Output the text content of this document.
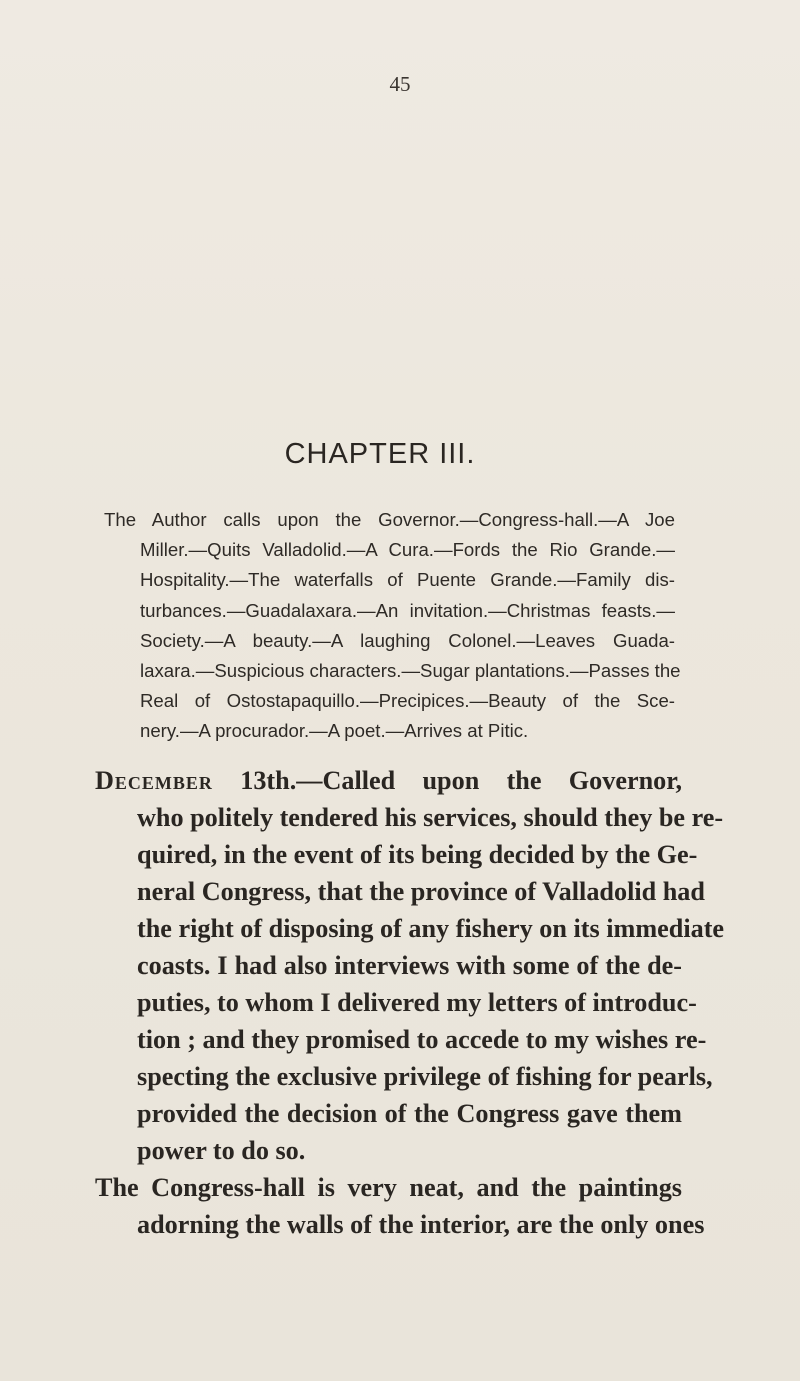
45
CHAPTER III.
The Author calls upon the Governor.—Congress-hall.—A Joe
Miller.—Quits Valladolid.—A Cura.—Fords the Rio Grande.—
Hospitality.—The waterfalls of Puente Grande.—Family dis-
turbances.—Guadalaxara.—An invitation.—Christmas feasts.—
Society.—A beauty.—A laughing Colonel.—Leaves Guada-
laxara.—Suspicious characters.—Sugar plantations.—Passes the
Real of Ostostapaquillo.—Precipices.—Beauty of the Sce-
nery.—A procurador.—A poet.—Arrives at Pitic.
December 13th.—Called upon the Governor,
who politely tendered his services, should they be re-
quired, in the event of its being decided by the Ge-
neral Congress, that the province of Valladolid had
the right of disposing of any fishery on its immediate
coasts. I had also interviews with some of the de-
puties, to whom I delivered my letters of introduc-
tion ; and they promised to accede to my wishes re-
specting the exclusive privilege of fishing for pearls,
provided the decision of the Congress gave them
power to do so.
The Congress-hall is very neat, and the paintings
adorning the walls of the interior, are the only ones
